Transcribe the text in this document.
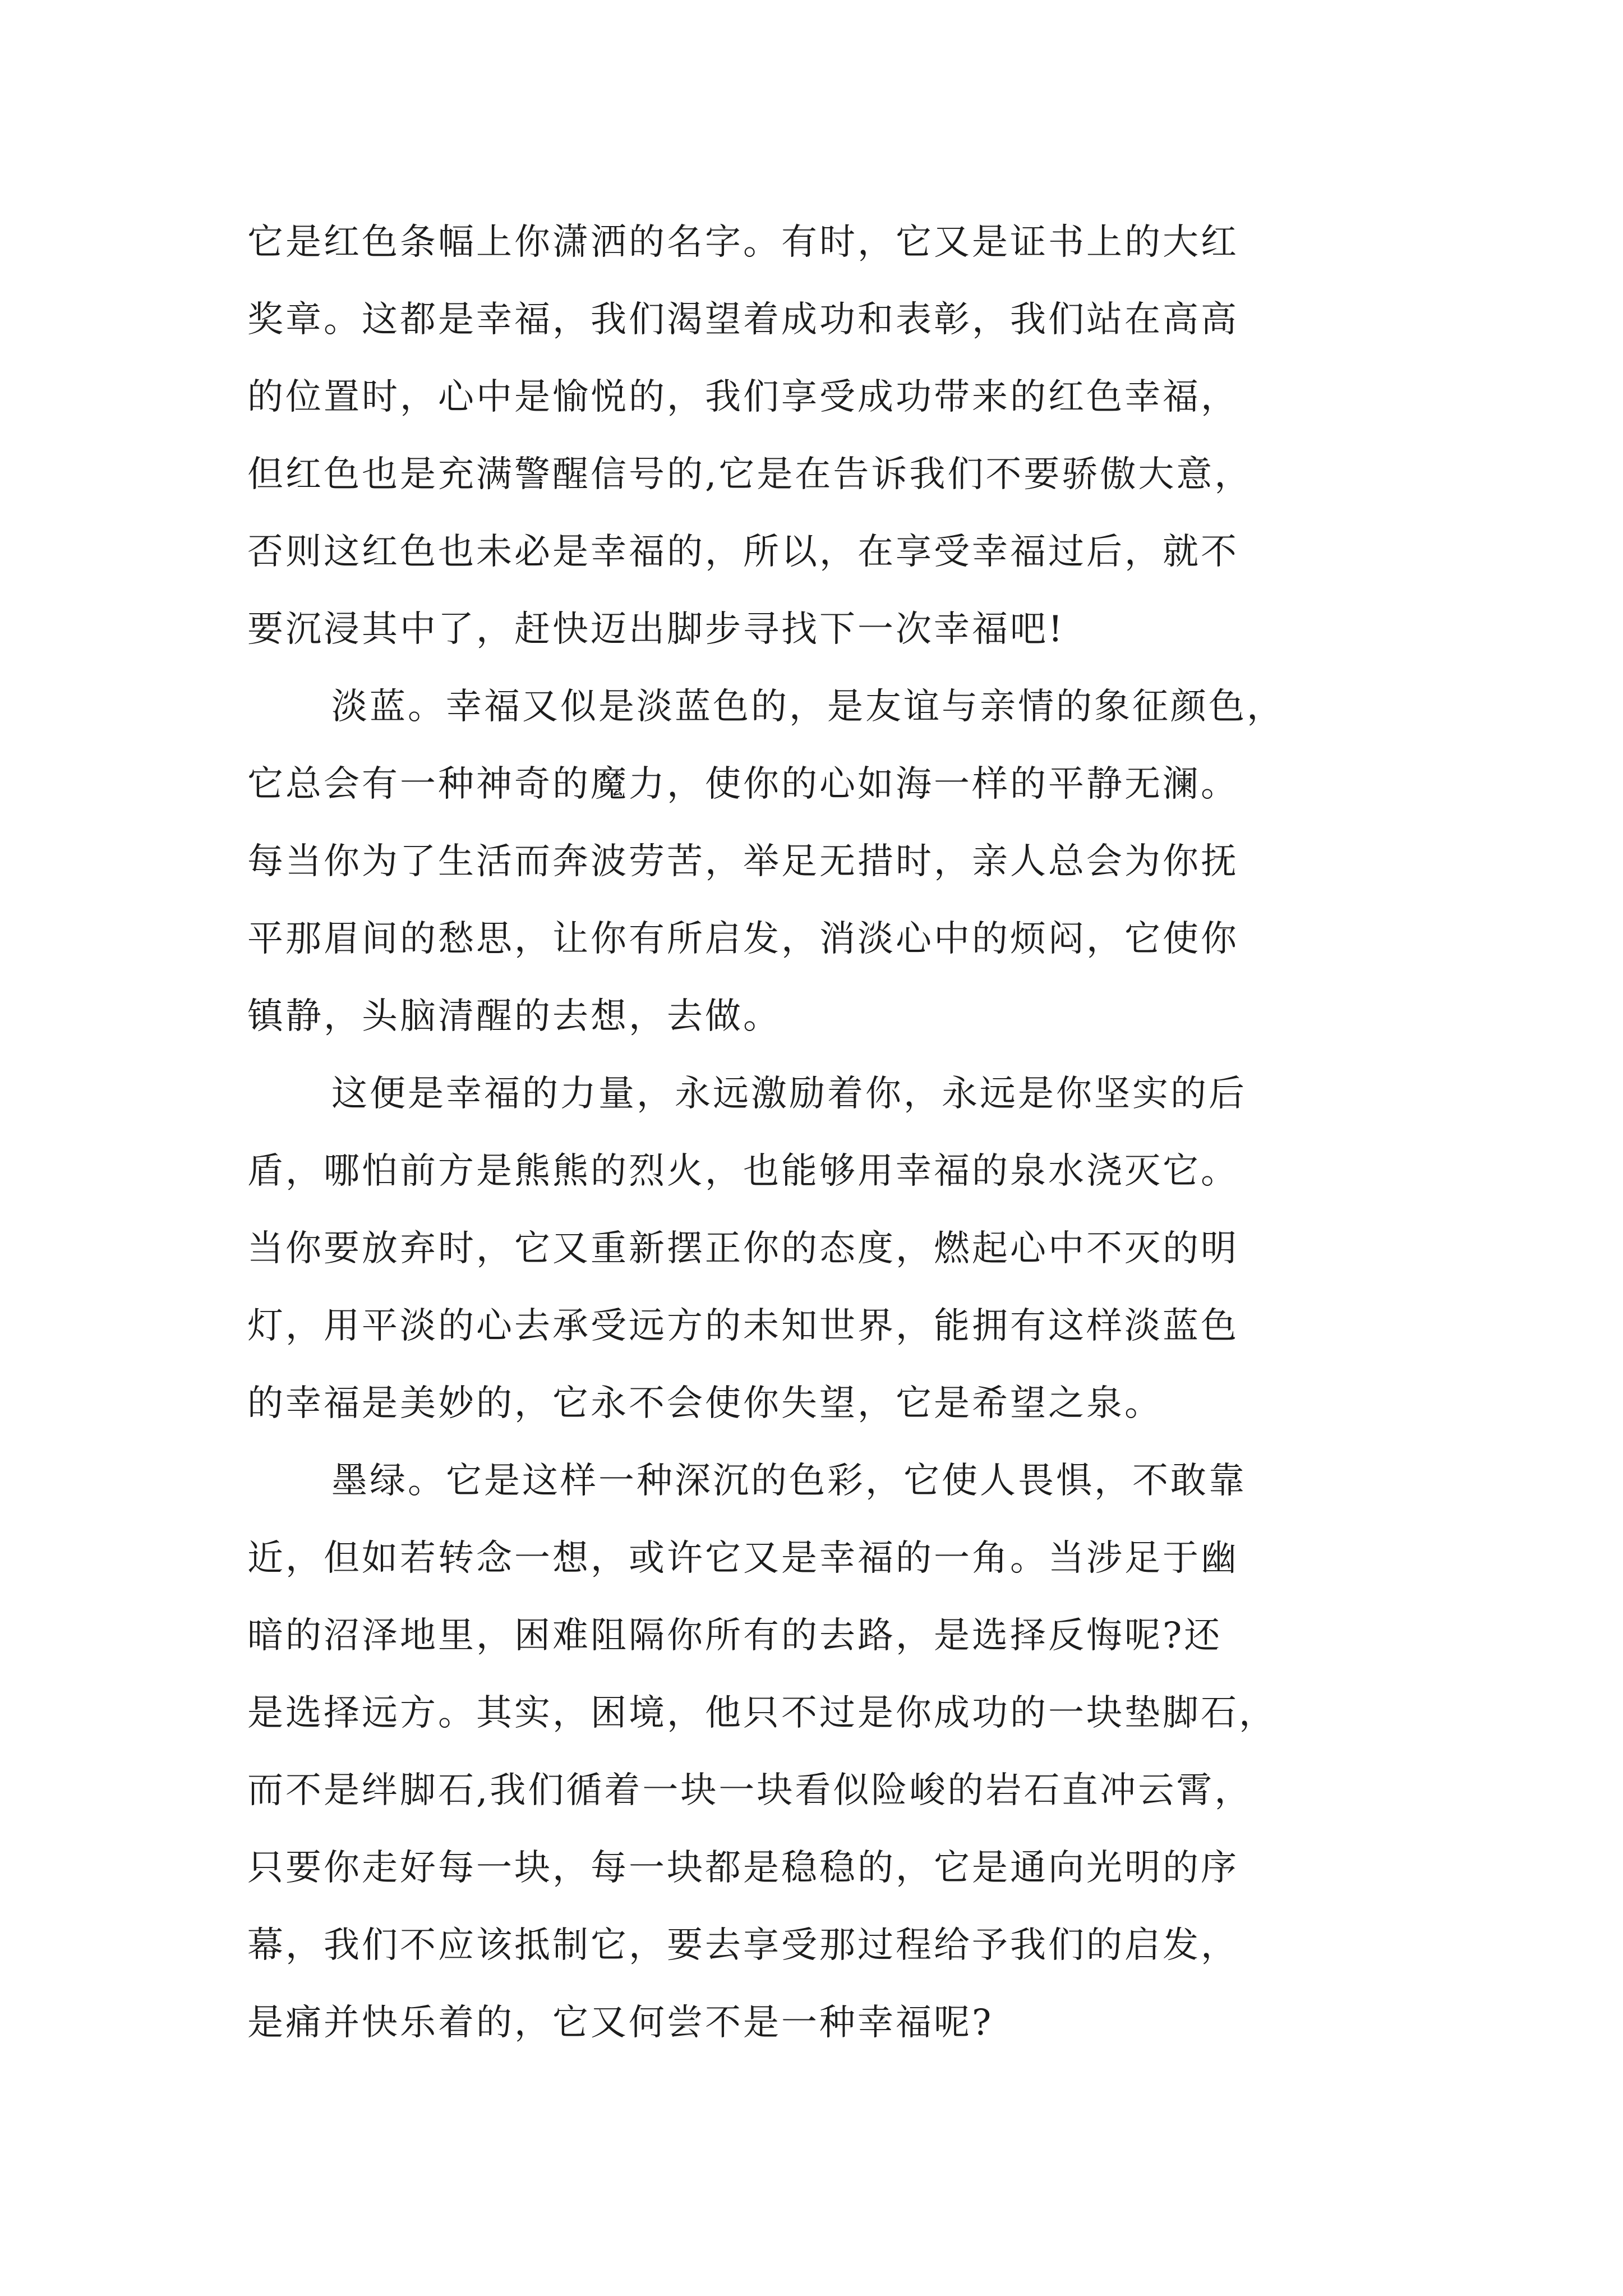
它是红色条幅上你潇洒的名字。有时，它又是证书上的大红
奖章。这都是幸福，我们渴望着成功和表彰，我们站在高高
的位置时，心中是愉悦的，我们享受成功带来的红色幸福，
但红色也是充满警醒信号的,它是在告诉我们不要骄傲大意，
否则这红色也未必是幸福的，所以，在享受幸福过后，就不
要沉浸其中了，赶快迈出脚步寻找下一次幸福吧!
淡蓝。幸福又似是淡蓝色的，是友谊与亲情的象征颜色，
它总会有一种神奇的魔力，使你的心如海一样的平静无澜。
每当你为了生活而奔波劳苦，举足无措时，亲人总会为你抚
平那眉间的愁思，让你有所启发，消淡心中的烦闷，它使你
镇静，头脑清醒的去想，去做。
这便是幸福的力量，永远激励着你，永远是你坚实的后
盾，哪怕前方是熊熊的烈火，也能够用幸福的泉水浇灭它。
当你要放弃时，它又重新摆正你的态度，燃起心中不灭的明
灯，用平淡的心去承受远方的未知世界，能拥有这样淡蓝色
的幸福是美妙的，它永不会使你失望，它是希望之泉。
墨绿。它是这样一种深沉的色彩，它使人畏惧，不敢靠
近，但如若转念一想，或许它又是幸福的一角。当涉足于幽
暗的沼泽地里，困难阻隔你所有的去路，是选择反悔呢?还
是选择远方。其实，困境，他只不过是你成功的一块垫脚石，
而不是绊脚石,我们循着一块一块看似险峻的岩石直冲云霄，
只要你走好每一块，每一块都是稳稳的，它是通向光明的序
幕，我们不应该抵制它，要去享受那过程给予我们的启发，
是痛并快乐着的，它又何尝不是一种幸福呢?
